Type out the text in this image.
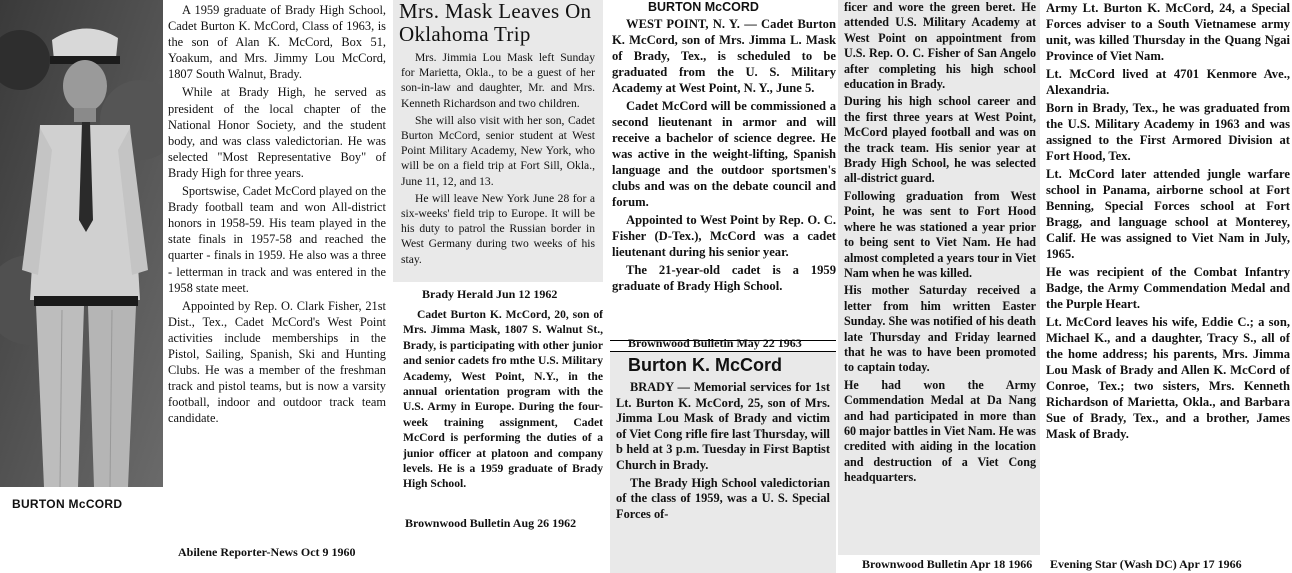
BURTON McCORD
Abilene Reporter-News Oct 9 1960

A 1959 graduate of Brady High School, Cadet Burton K. McCord, Class of 1963, is the son of Alan K. McCord, Box 51, Yoakum, and Mrs. Jimmy Lou McCord, 1807 South Walnut, Brady.

While at Brady High, he served as president of the local chapter of the National Honor Society, and the student body, and was class valedictorian. He was selected "Most Representative Boy" of Brady High for three years.

Sportswise, Cadet McCord played on the Brady football team and won All-district honors in 1958-59. His team played in the state finals in 1957-58 and reached the quarter - finals in 1959. He also was a three - letterman in track and was entered in the 1958 state meet.

Appointed by Rep. O. Clark Fisher, 21st Dist., Tex., Cadet McCord's West Point activities include memberships in the Pistol, Sailing, Spanish, Ski and Hunting Clubs. He was a member of the freshman track and pistol teams, but is now a varsity football, indoor and outdoor track team candidate.

Mrs. Mask Leaves On Oklahoma Trip

Mrs. Jimmia Lou Mask left Sunday for Marietta, Okla., to be a guest of her son-in-law and daughter, Mr. and Mrs. Kenneth Richardson and two children.

She will also visit with her son, Cadet Burton McCord, senior student at West Point Military Academy, New York, who will be on a field trip at Fort Sill, Okla., June 11, 12, and 13.

He will leave New York June 28 for a six-weeks' field trip to Europe. It will be his duty to patrol the Russian border in West Germany during two weeks of his stay.

Brady Herald Jun 12 1962

Cadet Burton K. McCord, 20, son of Mrs. Jimma Mask, 1807 S. Walnut St., Brady, is participating with other junior and senior cadets fro mthe U.S. Military Academy, West Point, N.Y., in the annual orientation program with the U.S. Army in Europe. During the four-week training assignment, Cadet McCord is performing the duties of a junior officer at platoon and company levels. He is a 1959 graduate of Brady High School.

Brownwood Bulletin Aug 26 1962
BURTON McCORD

WEST POINT, N. Y. — Cadet Burton K. McCord, son of Mrs. Jimma L. Mask of Brady, Tex., is scheduled to be graduated from the U. S. Military Academy at West Point, N. Y., June 5.

Cadet McCord will be commissioned a second lieutenant in armor and will receive a bachelor of science degree. He was active in the weight-lifting, Spanish language and the outdoor sportsmen's clubs and was on the debate council and forum.

Appointed to West Point by Rep. O. C. Fisher (D-Tex.), McCord was a cadet lieutenant during his senior year.

The 21-year-old cadet is a 1959 graduate of Brady High School.

Brownwood Bulletin May 22 1963
Burton K. McCord

BRADY — Memorial services for 1st Lt. Burton K. McCord, 25, son of Mrs. Jimma Lou Mask of Brady and victim of Viet Cong rifle fire last Thursday, will b held at 3 p.m. Tuesday in First Baptist Church in Brady.

The Brady High School valedictorian of the class of 1959, was a U. S. Special Forces of-

ficer and wore the green beret. He attended U.S. Military Academy at West Point on appointment from U.S. Rep. O. C. Fisher of San Angelo after completing his high school education in Brady.

During his high school career and the first three years at West Point, McCord played football and was on the track team. His senior year at Brady High School, he was selected all-district guard.

Following graduation from West Point, he was sent to Fort Hood where he was stationed a year prior to being sent to Viet Nam. He had almost completed a years tour in Viet Nam when he was killed.

His mother Saturday received a letter from him written Easter Sunday. She was notified of his death late Thursday and Friday learned that he was to have been promoted to captain today.

He had won the Army Commendation Medal at Da Nang and had participated in more than 60 major battles in Viet Nam. He was credited with aiding in the location and destruction of a Viet Cong headquarters.

Brownwood Bulletin Apr 18 1966

Army Lt. Burton K. McCord, 24, a Special Forces adviser to a South Vietnamese army unit, was killed Thursday in the Quang Ngai Province of Viet Nam.

Lt. McCord lived at 4701 Kenmore Ave., Alexandria.

Born in Brady, Tex., he was graduated from the U.S. Military Academy in 1963 and was assigned to the First Armored Division at Fort Hood, Tex.

Lt. McCord later attended jungle warfare school in Panama, airborne school at Fort Benning, Special Forces school at Fort Bragg, and language school at Monterey, Calif. He was assigned to Viet Nam in July, 1965.

He was recipient of the Combat Infantry Badge, the Army Commendation Medal and the Purple Heart.

Lt. McCord leaves his wife, Eddie C.; a son, Michael K., and a daughter, Tracy S., all of the home address; his parents, Mrs. Jimma Lou Mask of Brady and Allen K. McCord of Conroe, Tex.; two sisters, Mrs. Kenneth Richardson of Marietta, Okla., and Barbara Sue of Brady, Tex., and a brother, James Mask of Brady.

Evening Star (Wash DC) Apr 17 1966
